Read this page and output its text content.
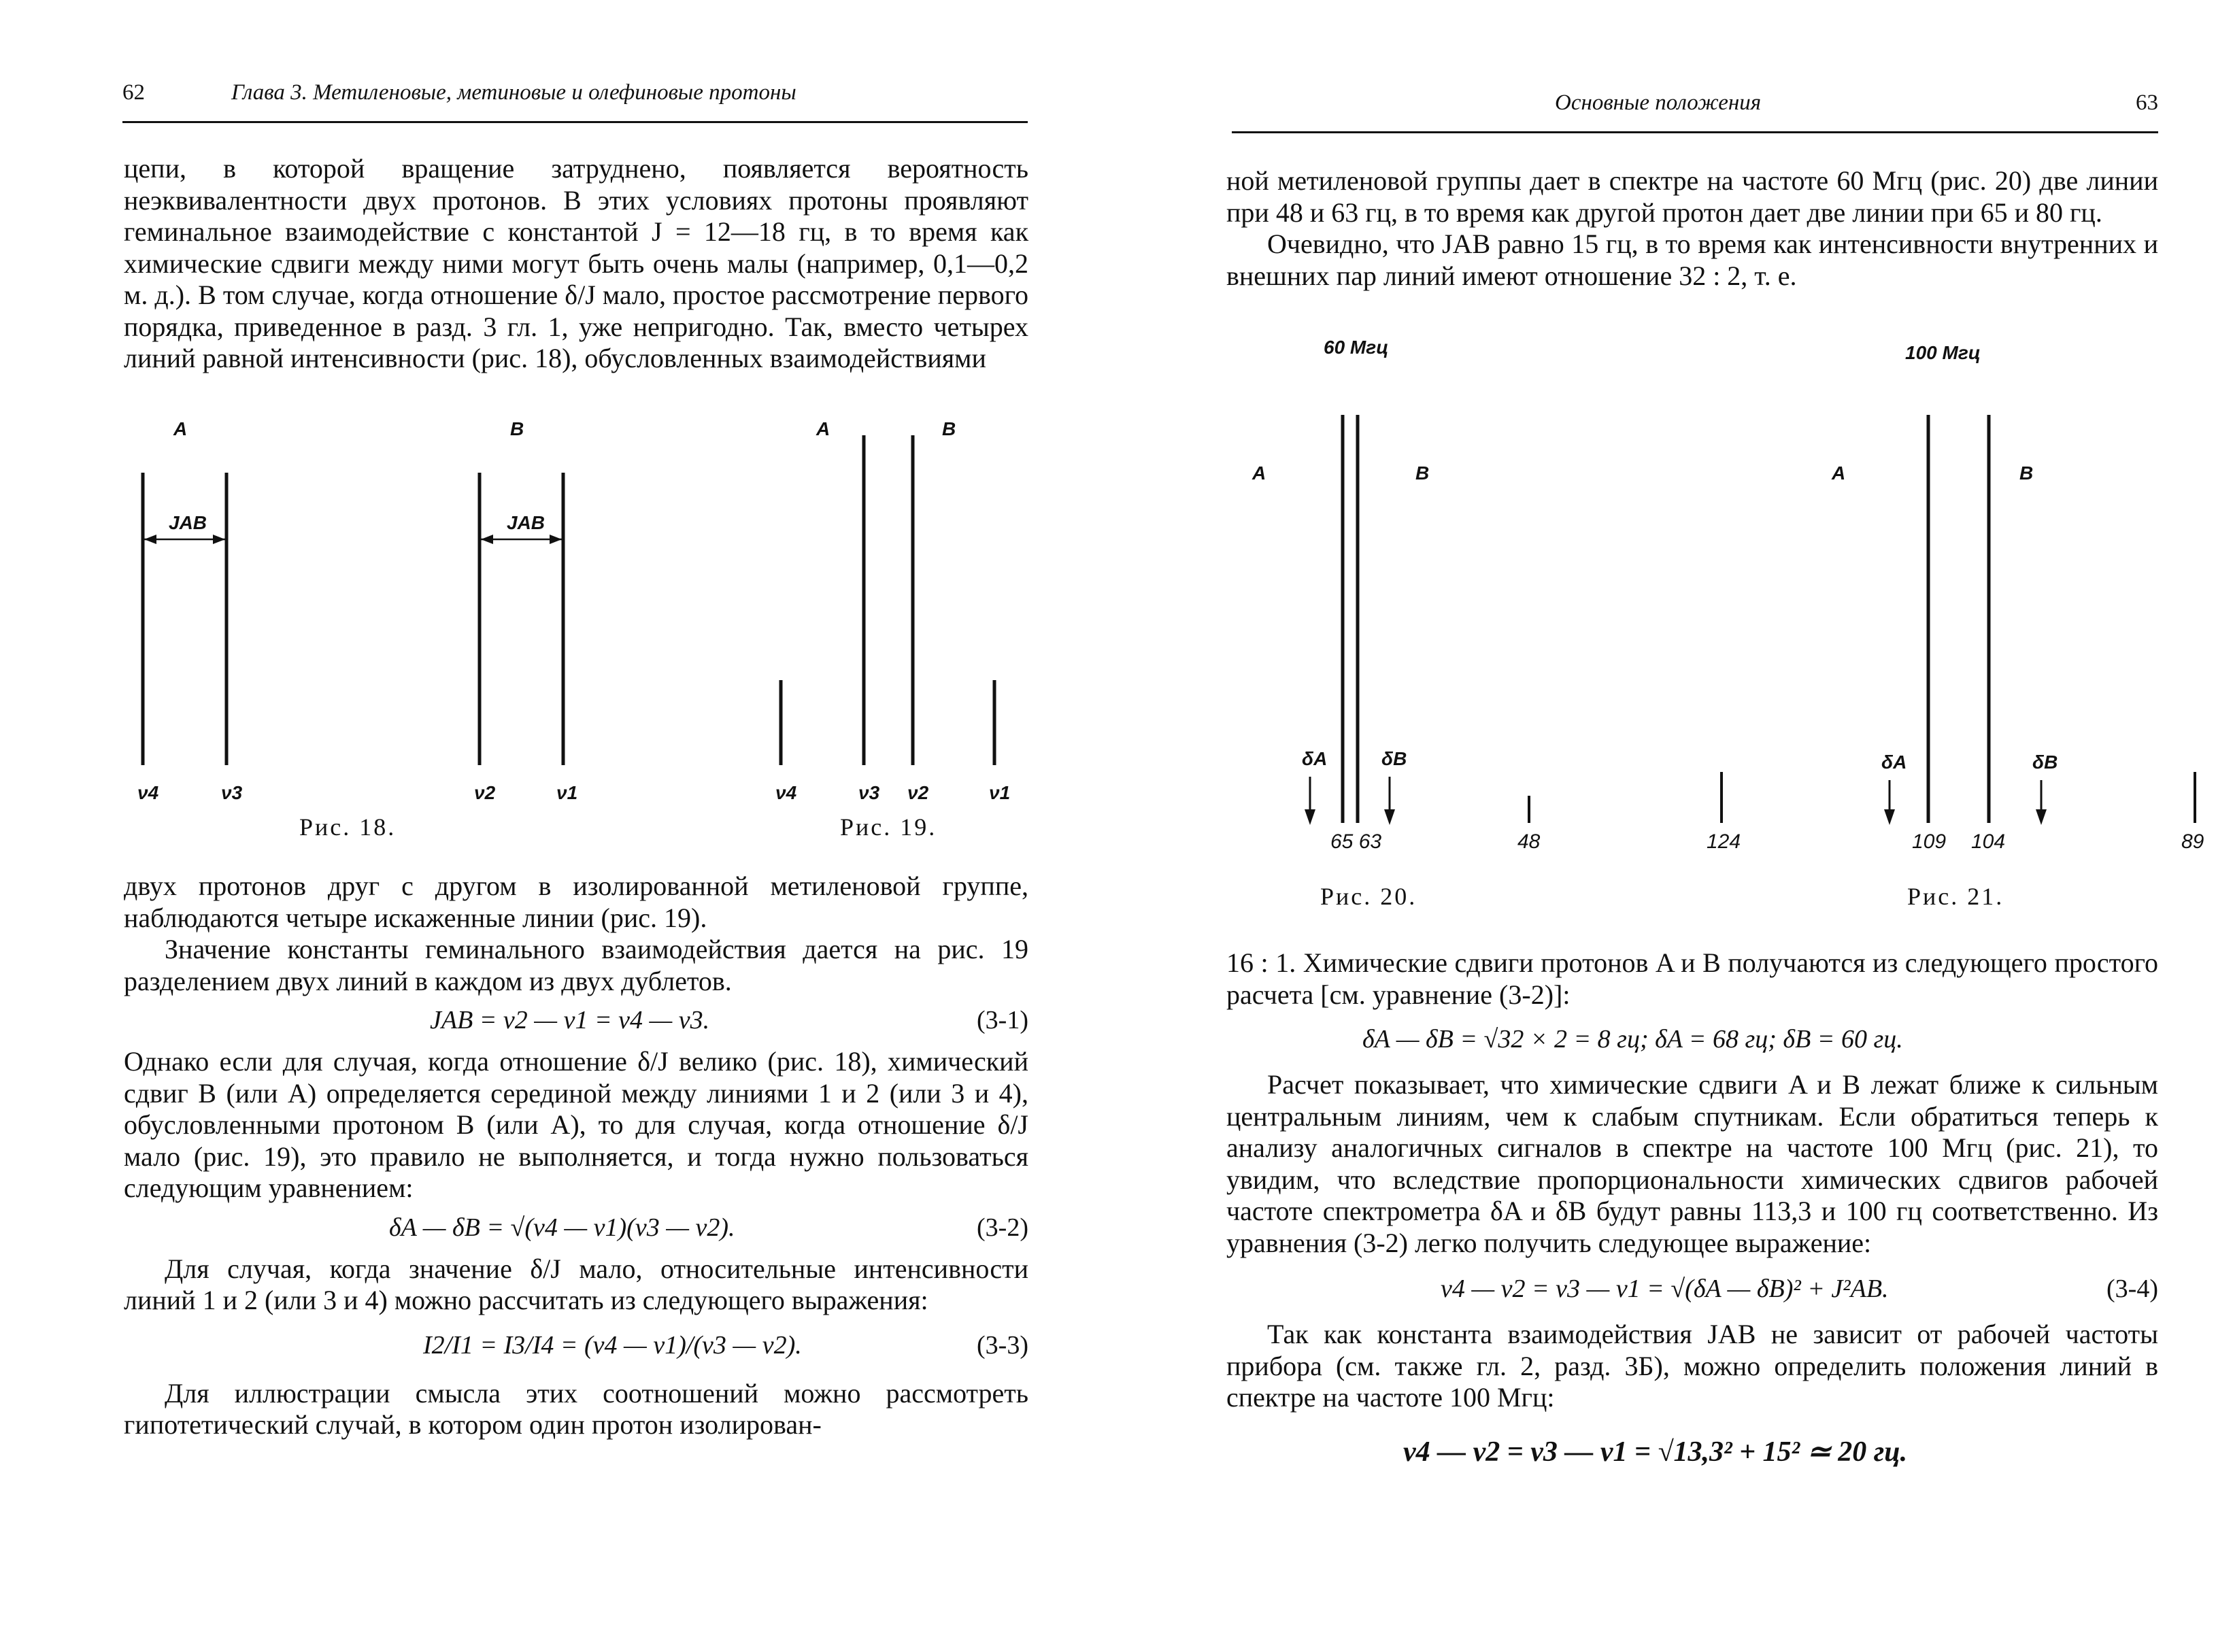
62	Глава 3. Метиленовые, метиновые и олефиновые протоны

цепи, в которой вращение затруднено, появляется вероятность неэквивалентности двух протонов. В этих условиях протоны проявляют геминальное взаимодействие с константой J = 12—18 гц, в то время как химические сдвиги между ними могут быть очень малы (например, 0,1—0,2 м. д.). В том случае, когда отношение δ/J мало, простое рассмотрение первого порядка, приведенное в разд. 3 гл. 1, уже непригодно. Так, вместо четырех линий равной интенсивности (рис. 18), обусловленных взаимодействиями

A	B
JAB	JAB
ν4	ν3	ν2	ν1
Рис. 18.
A	B
ν4	ν3 ν2	ν1
Рис. 19.

двух протонов друг с другом в изолированной метиленовой группе, наблюдаются четыре искаженные линии (рис. 19).

Значение константы геминального взаимодействия дается на рис. 19 разделением двух линий в каждом из двух дублетов.

JAB = ν2 — ν1 = ν4 — ν3.	(3-1)

Однако если для случая, когда отношение δ/J велико (рис. 18), химический сдвиг B (или A) определяется серединой между линиями 1 и 2 (или 3 и 4), обусловленными протоном B (или A), то для случая, когда отношение δ/J мало (рис. 19), это правило не выполняется, и тогда нужно пользоваться следующим уравнением:

δA — δB = √(ν4 — ν1)(ν3 — ν2).	(3-2)

Для случая, когда значение δ/J мало, относительные интенсивности линий 1 и 2 (или 3 и 4) можно рассчитать из следующего выражения:

I2/I1 = I3/I4 = (ν4 — ν1)/(ν3 — ν2).	(3-3)

Для иллюстрации смысла этих соотношений можно рассмотреть гипотетический случай, в котором один протон изолирован-

Основные положения	63

ной метиленовой группы дает в спектре на частоте 60 Мгц (рис. 20) две линии при 48 и 63 гц, в то время как другой протон дает две линии при 65 и 80 гц.

Очевидно, что JAB равно 15 гц, в то время как интенсивности внутренних и внешних пар линий имеют отношение 32 : 2, т. е.

60 Мгц
A	B
δA	δB
65 63	48
100 Мгц
A	B
δA	δB
124	109 104	89
Рис. 20.	Рис. 21.

16 : 1. Химические сдвиги протонов A и B получаются из следующего простого расчета [см. уравнение (3-2)]:

δA — δB = √32 × 2 = 8 гц; δA = 68 гц; δB = 60 гц.

Расчет показывает, что химические сдвиги A и B лежат ближе к сильным центральным линиям, чем к слабым спутникам. Если обратиться теперь к анализу аналогичных сигналов в спектре на частоте 100 Мгц (рис. 21), то увидим, что вследствие пропорциональности химических сдвигов рабочей частоте спектрометра δA и δB будут равны 113,3 и 100 гц соответственно. Из уравнения (3-2) легко получить следующее выражение:

ν4 — ν2 = ν3 — ν1 = √(δA — δB)² + J²AB.	(3-4)

Так как константа взаимодействия JAB не зависит от рабочей частоты прибора (см. также гл. 2, разд. 3Б), можно определить положения линий в спектре на частоте 100 Мгц:

ν4 — ν2 = ν3 — ν1 = √13,3² + 15² ≃ 20 гц.
